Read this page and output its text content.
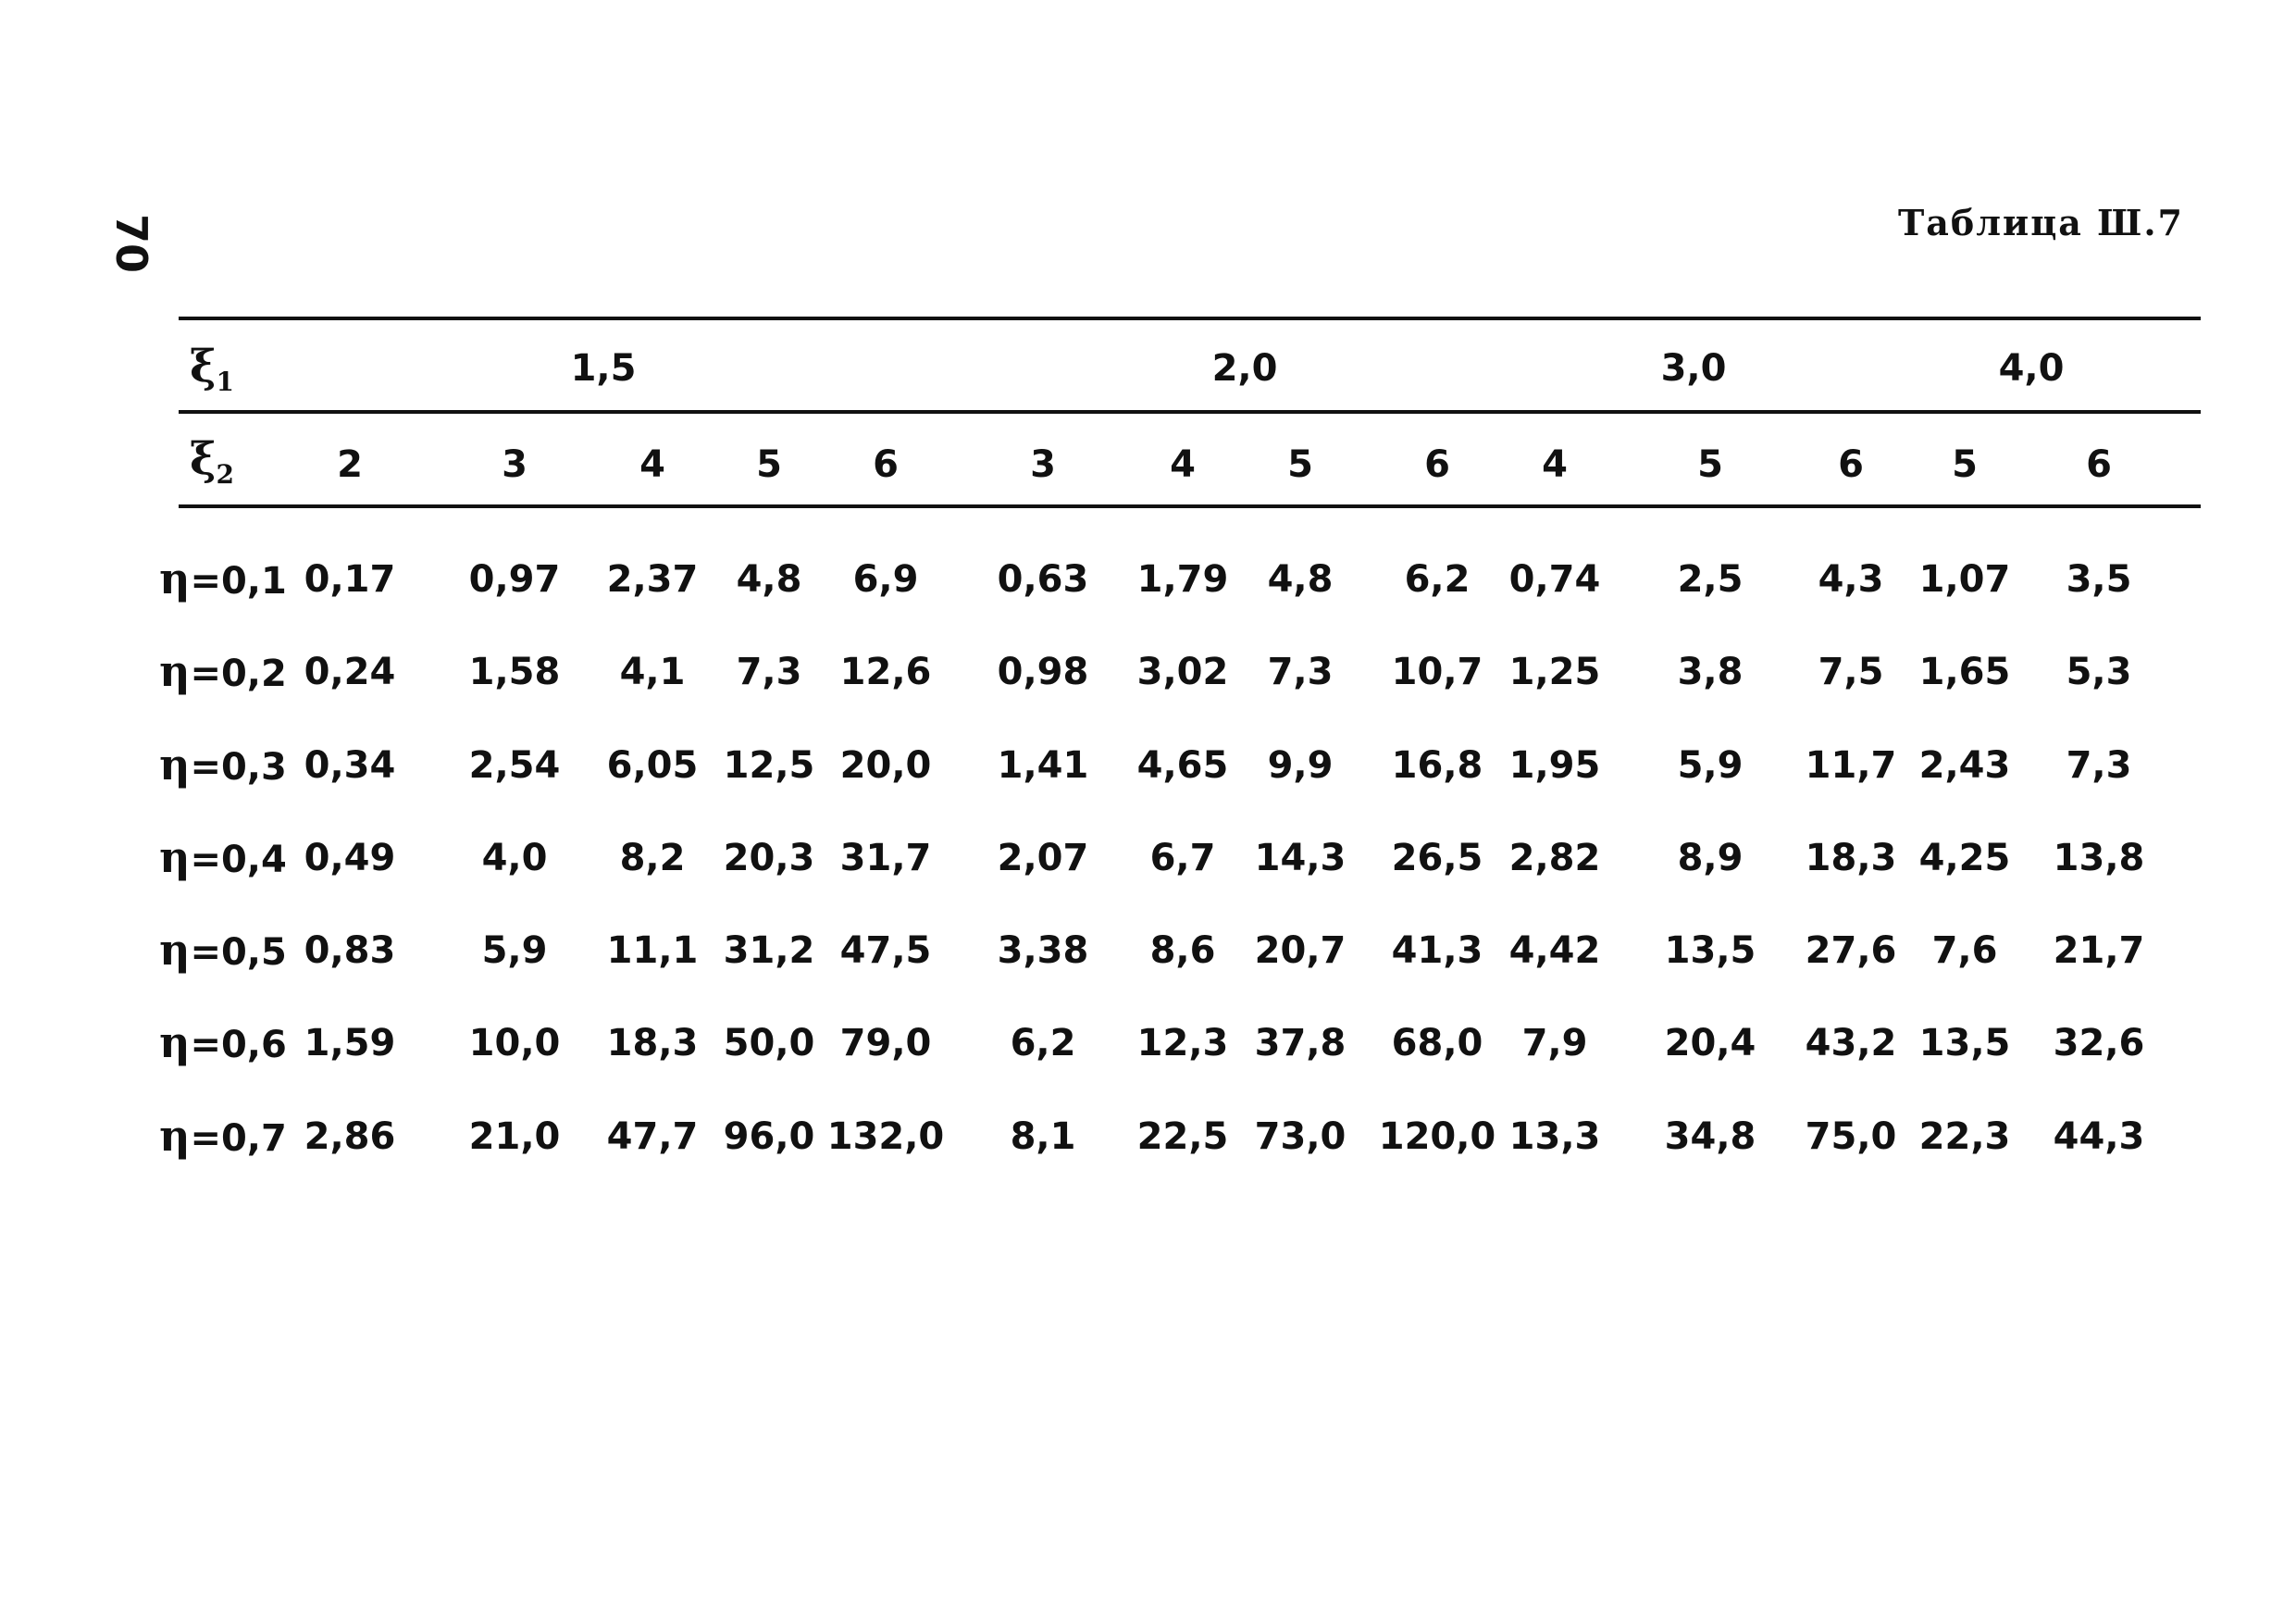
70	Таблица Ш.7
$\xi_1$	1,5	2,0	3,0	4,0
$\xi_2$	2	3	4 5 6	3	4 5	6 4	5	6 5	6
η=0,1 0,17 0,97 2,37 4,8 6,9 0,63 1,79 4,8 6,2 0,74 2,5 4,3 1,07 3,5
η=0,2 0,24 1,58 4,1 7,3 12,6 0,98 3,02 7,3 10,7 1,25 3,8 7,5 1,65 5,3
η=0,3 0,34 2,54 6,05 12,5 20,0 1,41 4,65 9,9 16,8 1,95 5,9 11,7 2,43 7,3
η=0,4 0,49 4,0 8,2 20,3 31,7 2,07 6,7 14,3 26,5 2,82 8,9 18,3 4,25 13,8
η=0,5 0,83 5,9 11,1 31,2 47,5 3,38 8,6 20,7 41,3 4,42 13,5 27,6 7,6 21,7
η=0,6 1,59 10,0 18,3 50,0 79,0 6,2 12,3 37,8 68,0 7,9 20,4 43,2 13,5 32,6
η=0,7 2,86 21,0 47,7 96,0 132,0 8,1 22,5 73,0 120,0 13,3 34,8 75,0 22,3 44,3
